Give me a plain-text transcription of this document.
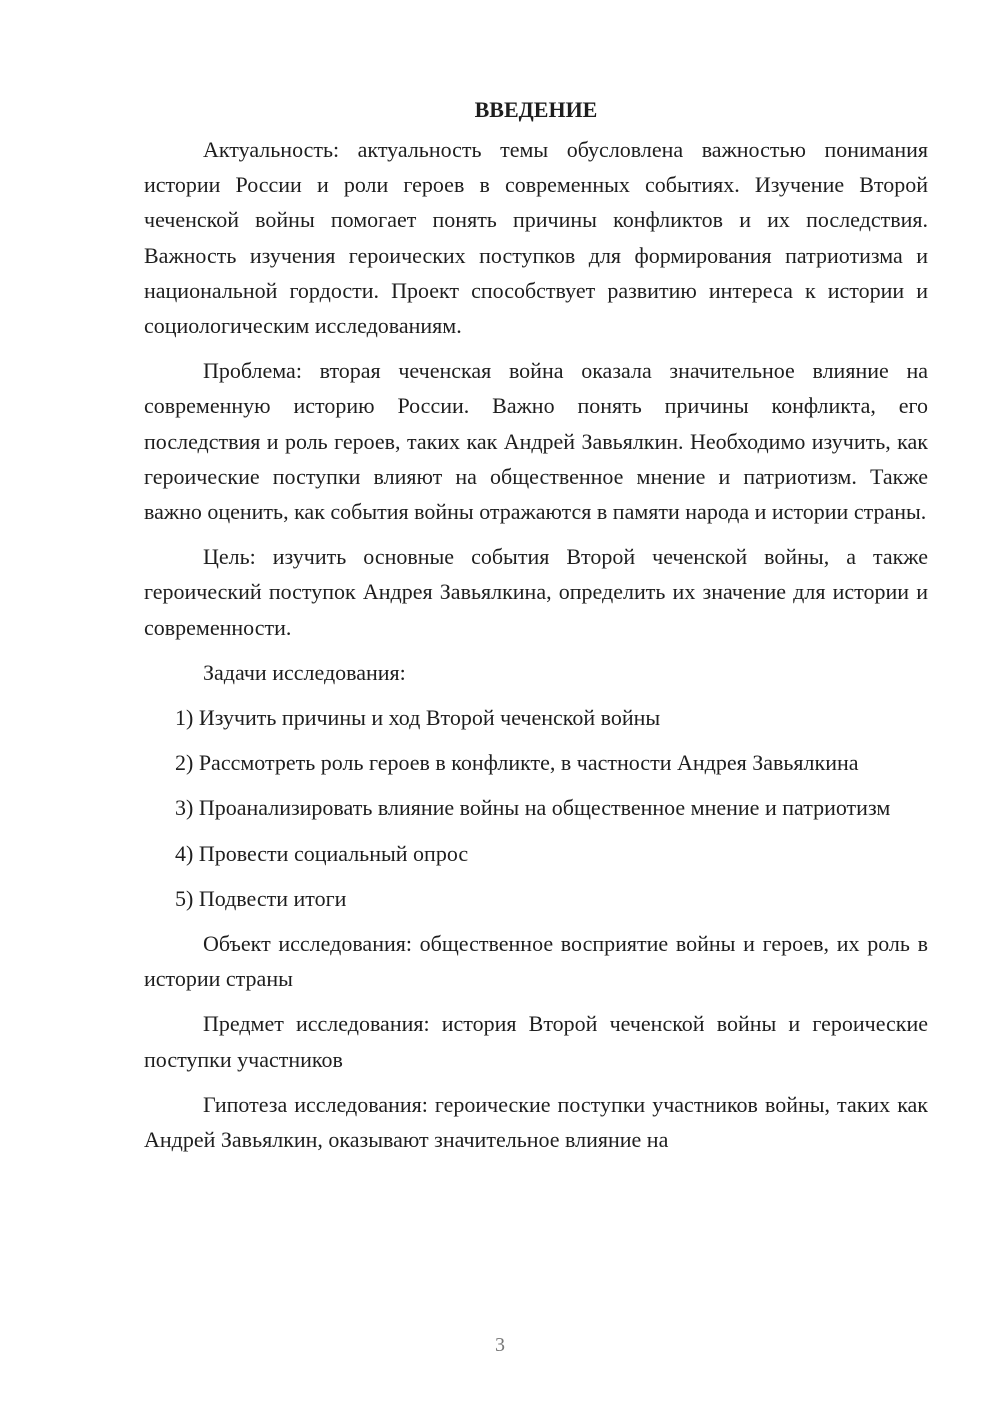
ВВЕДЕНИЕ

Актуальность: актуальность темы обусловлена важностью понимания истории России и роли героев в современных событиях. Изучение Второй чеченской войны помогает понять причины конфликтов и их последствия. Важность изучения героических поступков для формирования патриотизма и национальной гордости. Проект способствует развитию интереса к истории и социологическим исследованиям.

Проблема: вторая чеченская война оказала значительное влияние на современную историю России. Важно понять причины конфликта, его последствия и роль героев, таких как Андрей Завьялкин. Необходимо изучить, как героические поступки влияют на общественное мнение и патриотизм. Также важно оценить, как события войны отражаются в памяти народа и истории страны.

Цель: изучить основные события Второй чеченской войны, а также героический поступок Андрея Завьялкина, определить их значение для истории и современности.

Задачи исследования:

1) Изучить причины и ход Второй чеченской войны

2) Рассмотреть роль героев в конфликте, в частности Андрея Завьялкина

3) Проанализировать влияние войны на общественное мнение и патриотизм

4) Провести социальный опрос

5) Подвести итоги

Объект исследования: общественное восприятие войны и героев, их роль в истории страны

Предмет исследования: история Второй чеченской войны и героические поступки участников

Гипотеза исследования: героические поступки участников войны, таких как Андрей Завьялкин, оказывают значительное влияние на

3
